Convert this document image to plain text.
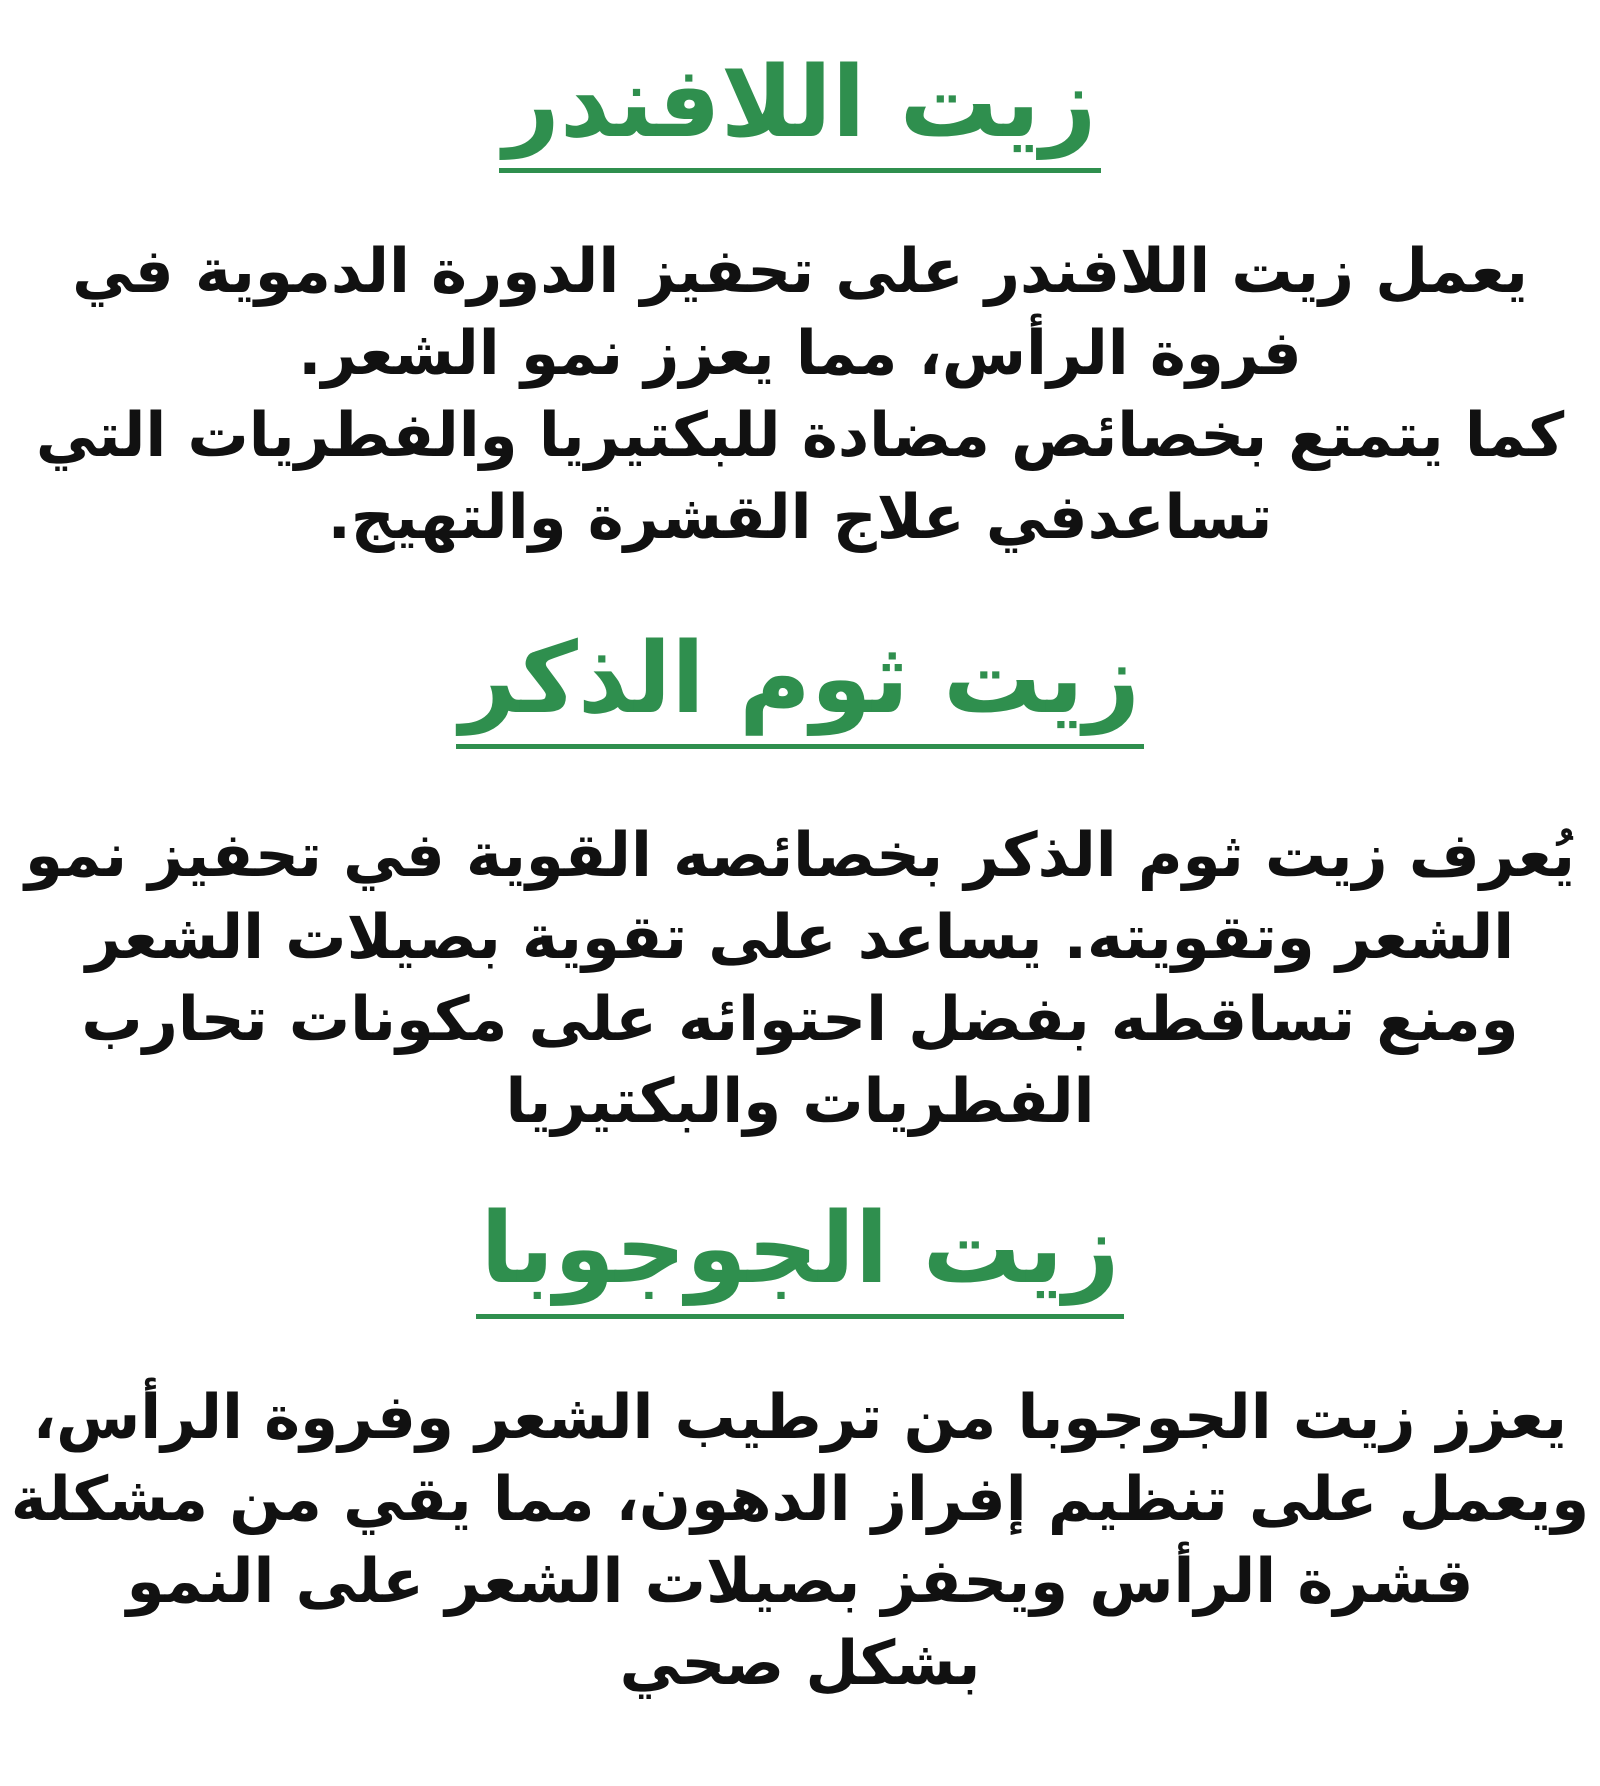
زيت اللافندر
يعمل زيت اللافندر على تحفيز الدورة الدموية في
فروة الرأس، مما يعزز نمو الشعر.
كما يتمتع بخصائص مضادة للبكتيريا والفطريات التي
تساعدفي علاج القشرة والتهيج.
زيت ثوم الذكر
يُعرف زيت ثوم الذكر بخصائصه القوية في تحفيز نمو
الشعر وتقويته. يساعد على تقوية بصيلات الشعر
ومنع تساقطه بفضل احتوائه على مكونات تحارب
الفطريات والبكتيريا
زيت الجوجوبا
يعزز زيت الجوجوبا من ترطيب الشعر وفروة الرأس،
ويعمل على تنظيم إفراز الدهون، مما يقي من مشكلة
قشرة الرأس ويحفز بصيلات الشعر على النمو
بشكل صحي
